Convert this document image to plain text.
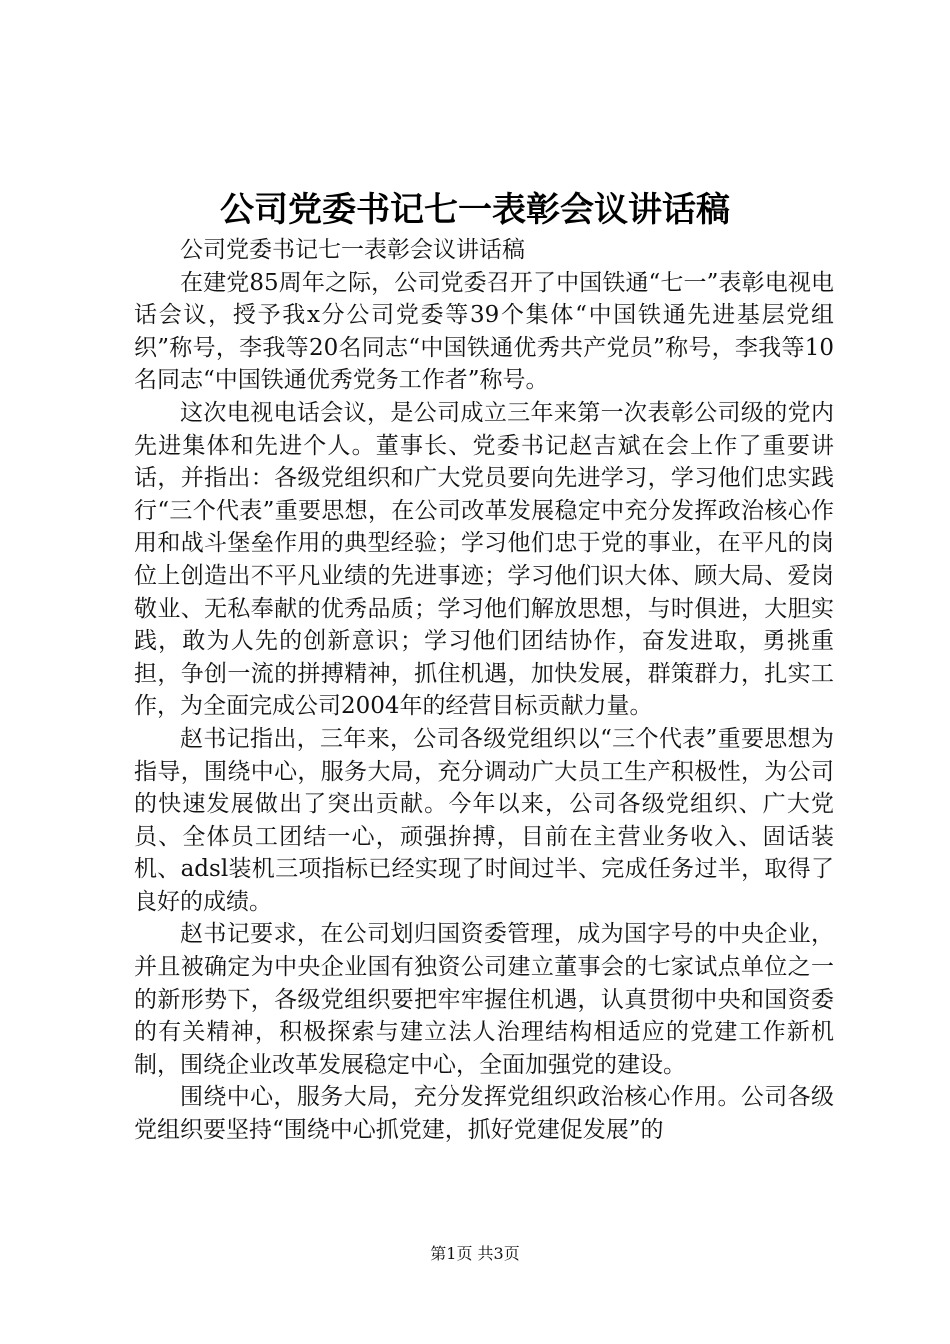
公司党委书记七一表彰会议讲话稿

公司党委书记七一表彰会议讲话稿

在建党85周年之际，公司党委召开了中国铁通“七一”表彰电视电话会议，授予我x分公司党委等39个集体“中国铁通先进基层党组织”称号，李我等20名同志“中国铁通优秀共产党员”称号，李我等10名同志“中国铁通优秀党务工作者”称号。

这次电视电话会议，是公司成立三年来第一次表彰公司级的党内先进集体和先进个人。董事长、党委书记赵吉斌在会上作了重要讲话，并指出：各级党组织和广大党员要向先进学习，学习他们忠实践行“三个代表”重要思想，在公司改革发展稳定中充分发挥政治核心作用和战斗堡垒作用的典型经验；学习他们忠于党的事业，在平凡的岗位上创造出不平凡业绩的先进事迹；学习他们识大体、顾大局、爱岗敬业、无私奉献的优秀品质；学习他们解放思想，与时俱进，大胆实践，敢为人先的创新意识；学习他们团结协作，奋发进取，勇挑重担，争创一流的拼搏精神，抓住机遇，加快发展，群策群力，扎实工作，为全面完成公司2004年的经营目标贡献力量。

赵书记指出，三年来，公司各级党组织以“三个代表”重要思想为指导，围绕中心，服务大局，充分调动广大员工生产积极性，为公司的快速发展做出了突出贡献。今年以来，公司各级党组织、广大党员、全体员工团结一心，顽强拚搏，目前在主营业务收入、固话装机、adsl装机三项指标已经实现了时间过半、完成任务过半，取得了良好的成绩。

赵书记要求，在公司划归国资委管理，成为国字号的中央企业，并且被确定为中央企业国有独资公司建立董事会的七家试点单位之一的新形势下，各级党组织要把牢牢握住机遇，认真贯彻中央和国资委的有关精神，积极探索与建立法人治理结构相适应的党建工作新机制，围绕企业改革发展稳定中心，全面加强党的建设。

围绕中心，服务大局，充分发挥党组织政治核心作用。公司各级党组织要坚持“围绕中心抓党建，抓好党建促发展”的

第1页 共3页
